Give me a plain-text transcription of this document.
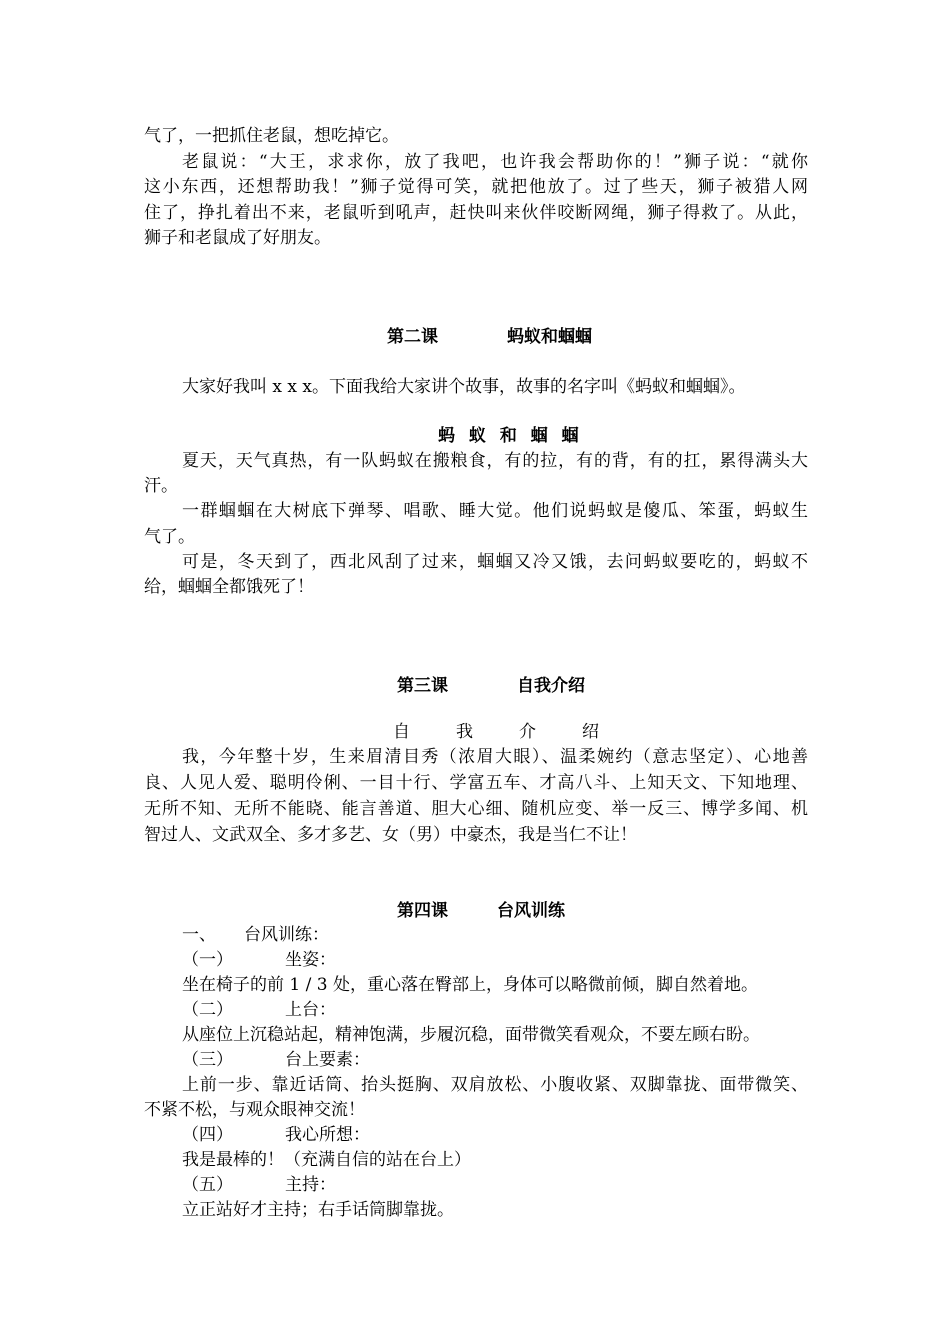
气了，一把抓住老鼠，想吃掉它。
老鼠说：“大王，求求你，放了我吧，也许我会帮助你的！”狮子说：“就你
这小东西，还想帮助我！”狮子觉得可笑，就把他放了。过了些天，狮子被猎人网
住了，挣扎着出不来，老鼠听到吼声，赶快叫来伙伴咬断网绳，狮子得救了。从此，
狮子和老鼠成了好朋友。
第二课	蚂蚁和蝈蝈
大家好我叫 x x x。下面我给大家讲个故事，故事的名字叫《蚂蚁和蝈蝈》。
蚂 蚁 和 蝈 蝈
夏天，天气真热，有一队蚂蚁在搬粮食，有的拉，有的背，有的扛，累得满头大
汗。
一群蝈蝈在大树底下弹琴、唱歌、睡大觉。他们说蚂蚁是傻瓜、笨蛋，蚂蚁生
气了。
可是，冬天到了，西北风刮了过来，蝈蝈又冷又饿，去问蚂蚁要吃的，蚂蚁不
给，蝈蝈全都饿死了！
第三课	自我介绍
自	我	介	绍
我，今年整十岁，生来眉清目秀（浓眉大眼）、温柔婉约（意志坚定）、心地善
良、人见人爱、聪明伶俐、一目十行、学富五车、才高八斗、上知天文、下知地理、
无所不知、无所不能晓、能言善道、胆大心细、随机应变、举一反三、博学多闻、机
智过人、文武双全、多才多艺、女（男）中豪杰，我是当仁不让！
第四课	台风训练
一、 台风训练：
（一）	坐姿：
坐在椅子的前 1 / 3 处，重心落在臀部上，身体可以略微前倾，脚自然着地。
（二）	上台：
从座位上沉稳站起，精神饱满，步履沉稳，面带微笑看观众，不要左顾右盼。
（三）	台上要素：
上前一步、靠近话筒、抬头挺胸、双肩放松、小腹收紧、双脚靠拢、面带微笑、
不紧不松，与观众眼神交流！
（四）	我心所想：
我是最棒的！（充满自信的站在台上）
（五）	主持：
立正站好才主持；右手话筒脚靠拢。
